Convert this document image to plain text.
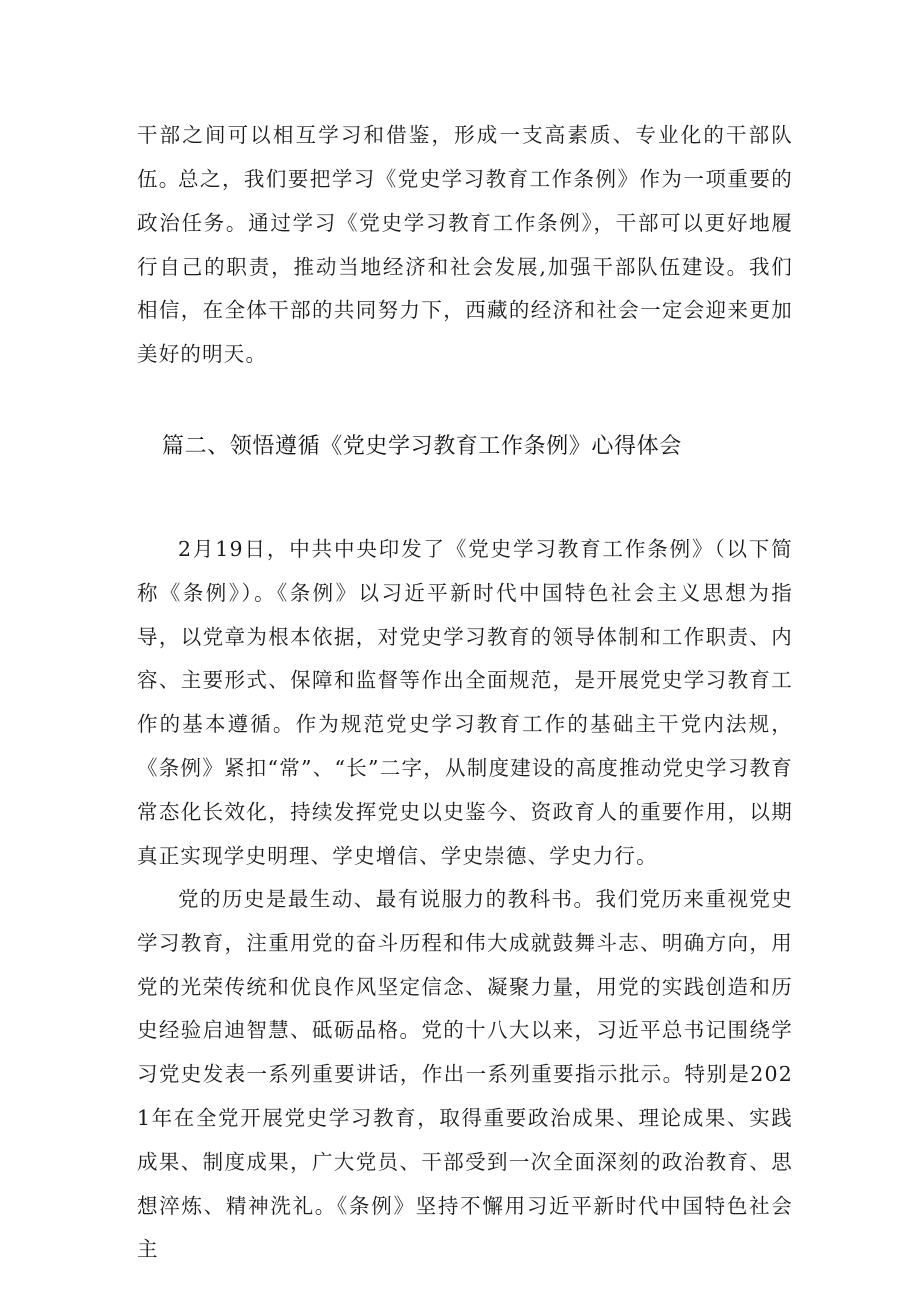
干部之间可以相互学习和借鉴，形成一支高素质、专业化的干部队伍。

总之，我们要把学习《党史学习教育工作条例》作为一项重要的政治任务。通过学习《党史学习教育工作条例》，干部可以更好地履行自己的职责，推动当地经济和社会发展,加强干部队伍建设。我们相信，在全体干部的共同努力下，西藏的经济和社会一定会迎来更加美好的明天。

篇二、领悟遵循《党史学习教育工作条例》心得体会

2月19日，中共中央印发了《党史学习教育工作条例》（以下简称《条例》）。《条例》以习近平新时代中国特色社会主义思想为指导，以党章为根本依据，对党史学习教育的领导体制和工作职责、内容、主要形式、保障和监督等作出全面规范，是开展党史学习教育工作的基本遵循。作为规范党史学习教育工作的基础主干党内法规，《条例》紧扣“常”、“长”二字，从制度建设的高度推动党史学习教育常态化长效化，持续发挥党史以史鉴今、资政育人的重要作用，以期真正实现学史明理、学史增信、学史崇德、学史力行。

党的历史是最生动、最有说服力的教科书。我们党历来重视党史学习教育，注重用党的奋斗历程和伟大成就鼓舞斗志、明确方向，用党的光荣传统和优良作风坚定信念、凝聚力量，用党的实践创造和历史经验启迪智慧、砥砺品格。党的十八大以来，习近平总书记围绕学习党史发表一系列重要讲话，作出一系列重要指示批示。特别是2021年在全党开展党史学习教育，取得重要政治成果、理论成果、实践成果、制度成果，广大党员、干部受到一次全面深刻的政治教育、思想淬炼、精神洗礼。《条例》坚持不懈用习近平新时代中国特色社会主
